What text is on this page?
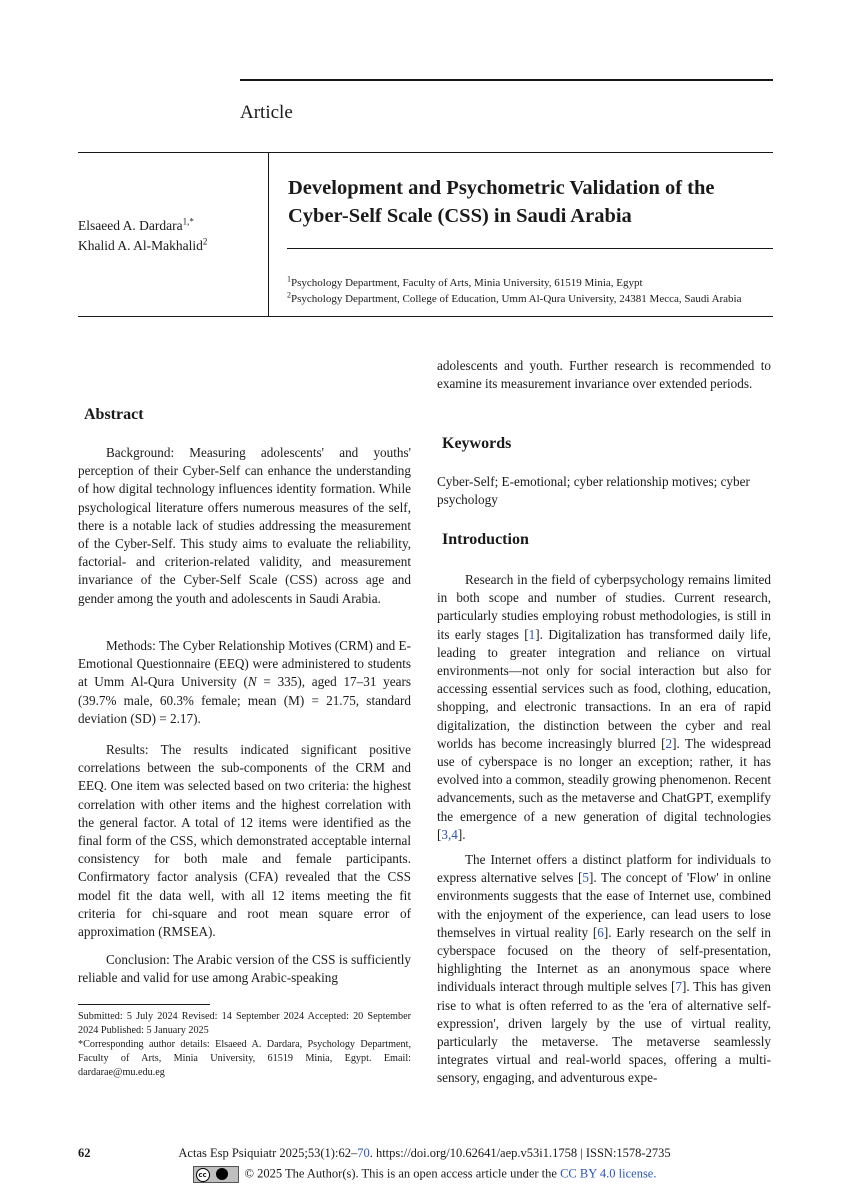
Article
Elsaeed A. Dardara$^{1,*}$
Khalid A. Al-Makhalid$^2$
Development and Psychometric Validation of the
Cyber-Self Scale (CSS) in Saudi Arabia
$^1$Psychology Department, Faculty of Arts, Minia University, 61519 Minia, Egypt
$^2$Psychology Department, College of Education, Umm Al-Qura University, 24381 Mecca, Saudi Arabia
Abstract
Background: Measuring adolescents' and youths' perception of their Cyber-Self can enhance the understanding of how digital technology influences identity formation. While psychological literature offers numerous measures of the self, there is a notable lack of studies addressing the measurement of the Cyber-Self. This study aims to evaluate the reliability, factorial- and criterion-related validity, and measurement invariance of the Cyber-Self Scale (CSS) across age and gender among the youth and adolescents in Saudi Arabia.
Methods: The Cyber Relationship Motives (CRM) and E-Emotional Questionnaire (EEQ) were administered to students at Umm Al-Qura University (N = 335), aged 17–31 years (39.7% male, 60.3% female; mean (M) = 21.75, standard deviation (SD) = 2.17).
Results: The results indicated significant positive correlations between the sub-components of the CRM and EEQ. One item was selected based on two criteria: the highest correlation with other items and the highest correlation with the general factor. A total of 12 items were identified as the final form of the CSS, which demonstrated acceptable internal consistency for both male and female participants. Confirmatory factor analysis (CFA) revealed that the CSS model fit the data well, with all 12 items meeting the fit criteria for chi-square and root mean square error of approximation (RMSEA).
Conclusion: The Arabic version of the CSS is sufficiently reliable and valid for use among Arabic-speaking
Submitted: 5 July 2024 Revised: 14 September 2024 Accepted: 20 September 2024 Published: 5 January 2025
*Corresponding author details: Elsaeed A. Dardara, Psychology Department, Faculty of Arts, Minia University, 61519 Minia, Egypt. Email: dardarae@mu.edu.eg
adolescents and youth. Further research is recommended to examine its measurement invariance over extended periods.
Keywords
Cyber-Self; E-emotional; cyber relationship motives; cyber psychology
Introduction
Research in the field of cyberpsychology remains limited in both scope and number of studies. Current research, particularly studies employing robust methodologies, is still in its early stages [1]. Digitalization has transformed daily life, leading to greater integration and reliance on virtual environments—not only for social interaction but also for accessing essential services such as food, clothing, education, shopping, and electronic transactions. In an era of rapid digitalization, the distinction between the cyber and real worlds has become increasingly blurred [2]. The widespread use of cyberspace is no longer an exception; rather, it has evolved into a common, steadily growing phenomenon. Recent advancements, such as the metaverse and ChatGPT, exemplify the emergence of a new generation of digital technologies [3,4].
The Internet offers a distinct platform for individuals to express alternative selves [5]. The concept of 'Flow' in online environments suggests that the ease of Internet use, combined with the enjoyment of the experience, can lead users to lose themselves in virtual reality [6]. Early research on the self in cyberspace focused on the theory of self-presentation, highlighting the Internet as an anonymous space where individuals interact through multiple selves [7]. This has given rise to what is often referred to as the 'era of alternative self-expression', driven largely by the use of virtual reality, particularly the metaverse. The metaverse seamlessly integrates virtual and real-world spaces, offering a multi-sensory, engaging, and adventurous expe-
62	Actas Esp Psiquiatr 2025;53(1):62–70. https://doi.org/10.62641/aep.v53i1.1758 | ISSN:1578-2735
cc	© 2025 The Author(s). This is an open access article under the CC BY 4.0 license.
